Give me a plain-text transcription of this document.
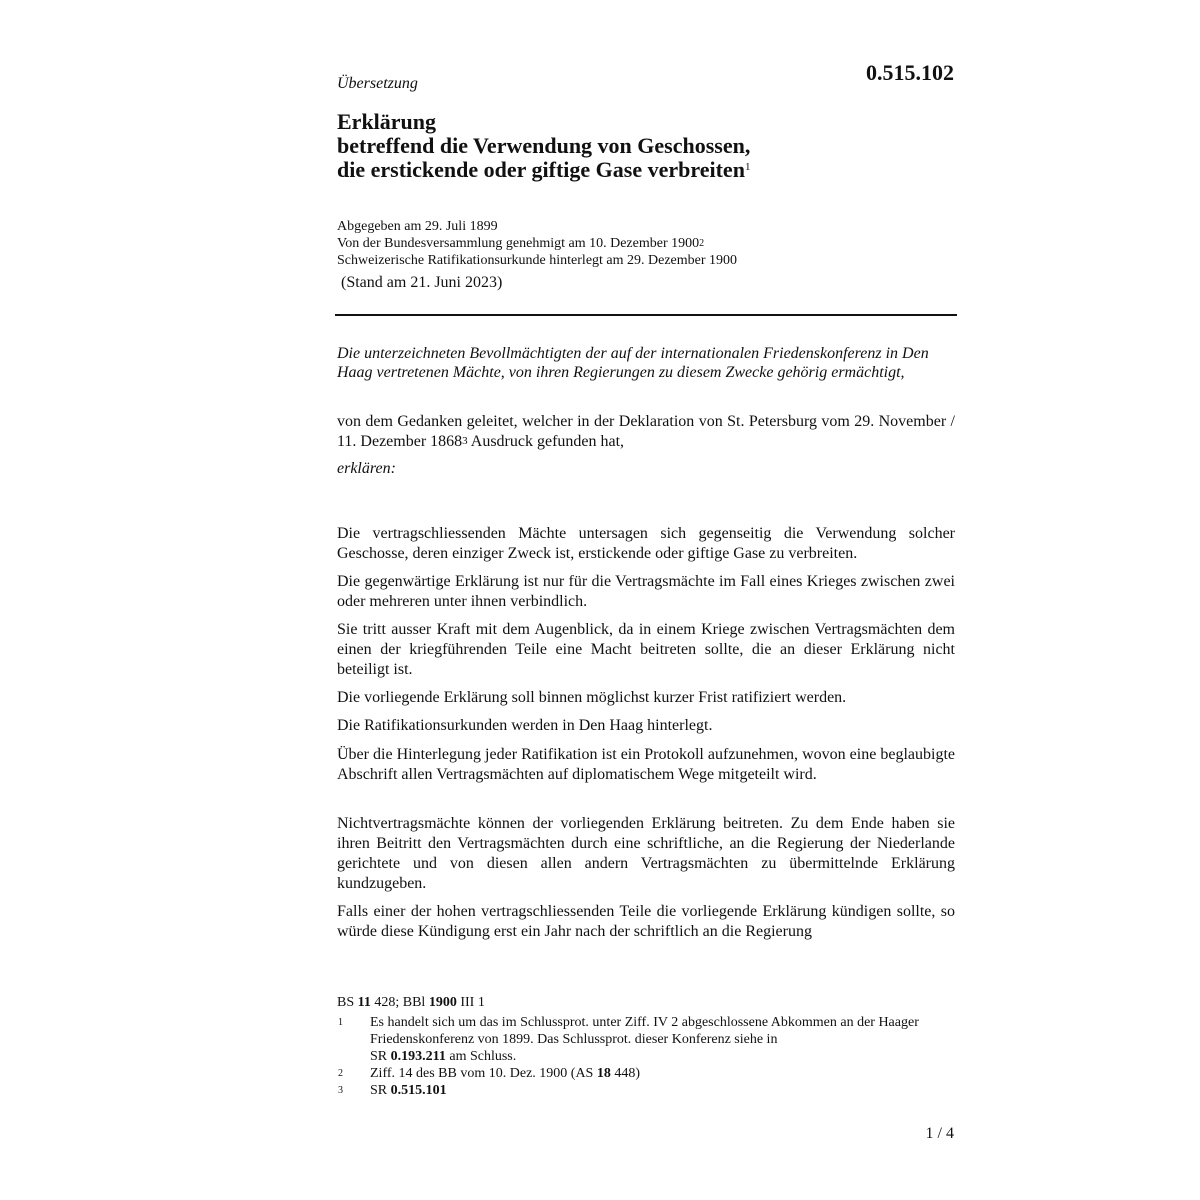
0.515.102
Übersetzung
Erklärung
betreffend die Verwendung von Geschossen,
die erstickende oder giftige Gase verbreiten$^1$
Abgegeben am 29. Juli 1899
Von der Bundesversammlung genehmigt am 10. Dezember 1900$^2$
Schweizerische Ratifikationsurkunde hinterlegt am 29. Dezember 1900
(Stand am 21. Juni 2023)
Die unterzeichneten Bevollmächtigten der auf der internationalen Friedenskonferenz in Den Haag vertretenen Mächte, von ihren Regierungen zu diesem Zwecke gehörig ermächtigt,
von dem Gedanken geleitet, welcher in der Deklaration von St. Petersburg vom 29. November / 11. Dezember 1868$^3$ Ausdruck gefunden hat,
erklären:
Die vertragschliessenden Mächte untersagen sich gegenseitig die Verwendung solcher Geschosse, deren einziger Zweck ist, erstickende oder giftige Gase zu verbreiten.
Die gegenwärtige Erklärung ist nur für die Vertragsmächte im Fall eines Krieges zwischen zwei oder mehreren unter ihnen verbindlich.
Sie tritt ausser Kraft mit dem Augenblick, da in einem Kriege zwischen Vertragsmächten dem einen der kriegführenden Teile eine Macht beitreten sollte, die an dieser Erklärung nicht beteiligt ist.
Die vorliegende Erklärung soll binnen möglichst kurzer Frist ratifiziert werden.
Die Ratifikationsurkunden werden in Den Haag hinterlegt.
Über die Hinterlegung jeder Ratifikation ist ein Protokoll aufzunehmen, wovon eine beglaubigte Abschrift allen Vertragsmächten auf diplomatischem Wege mitgeteilt wird.
Nichtvertragsmächte können der vorliegenden Erklärung beitreten. Zu dem Ende haben sie ihren Beitritt den Vertragsmächten durch eine schriftliche, an die Regierung der Niederlande gerichtete und von diesen allen andern Vertragsmächten zu übermittelnde Erklärung kundzugeben.
Falls einer der hohen vertragschliessenden Teile die vorliegende Erklärung kündigen sollte, so würde diese Kündigung erst ein Jahr nach der schriftlich an die Regierung
BS 11 428; BBl 1900 III 1
1 Es handelt sich um das im Schlussprot. unter Ziff. IV 2 abgeschlossene Abkommen an der Haager Friedenskonferenz von 1899. Das Schlussprot. dieser Konferenz siehe in
SR 0.193.211 am Schluss.
2 Ziff. 14 des BB vom 10. Dez. 1900 (AS 18 448)
3 SR 0.515.101
1 / 4
